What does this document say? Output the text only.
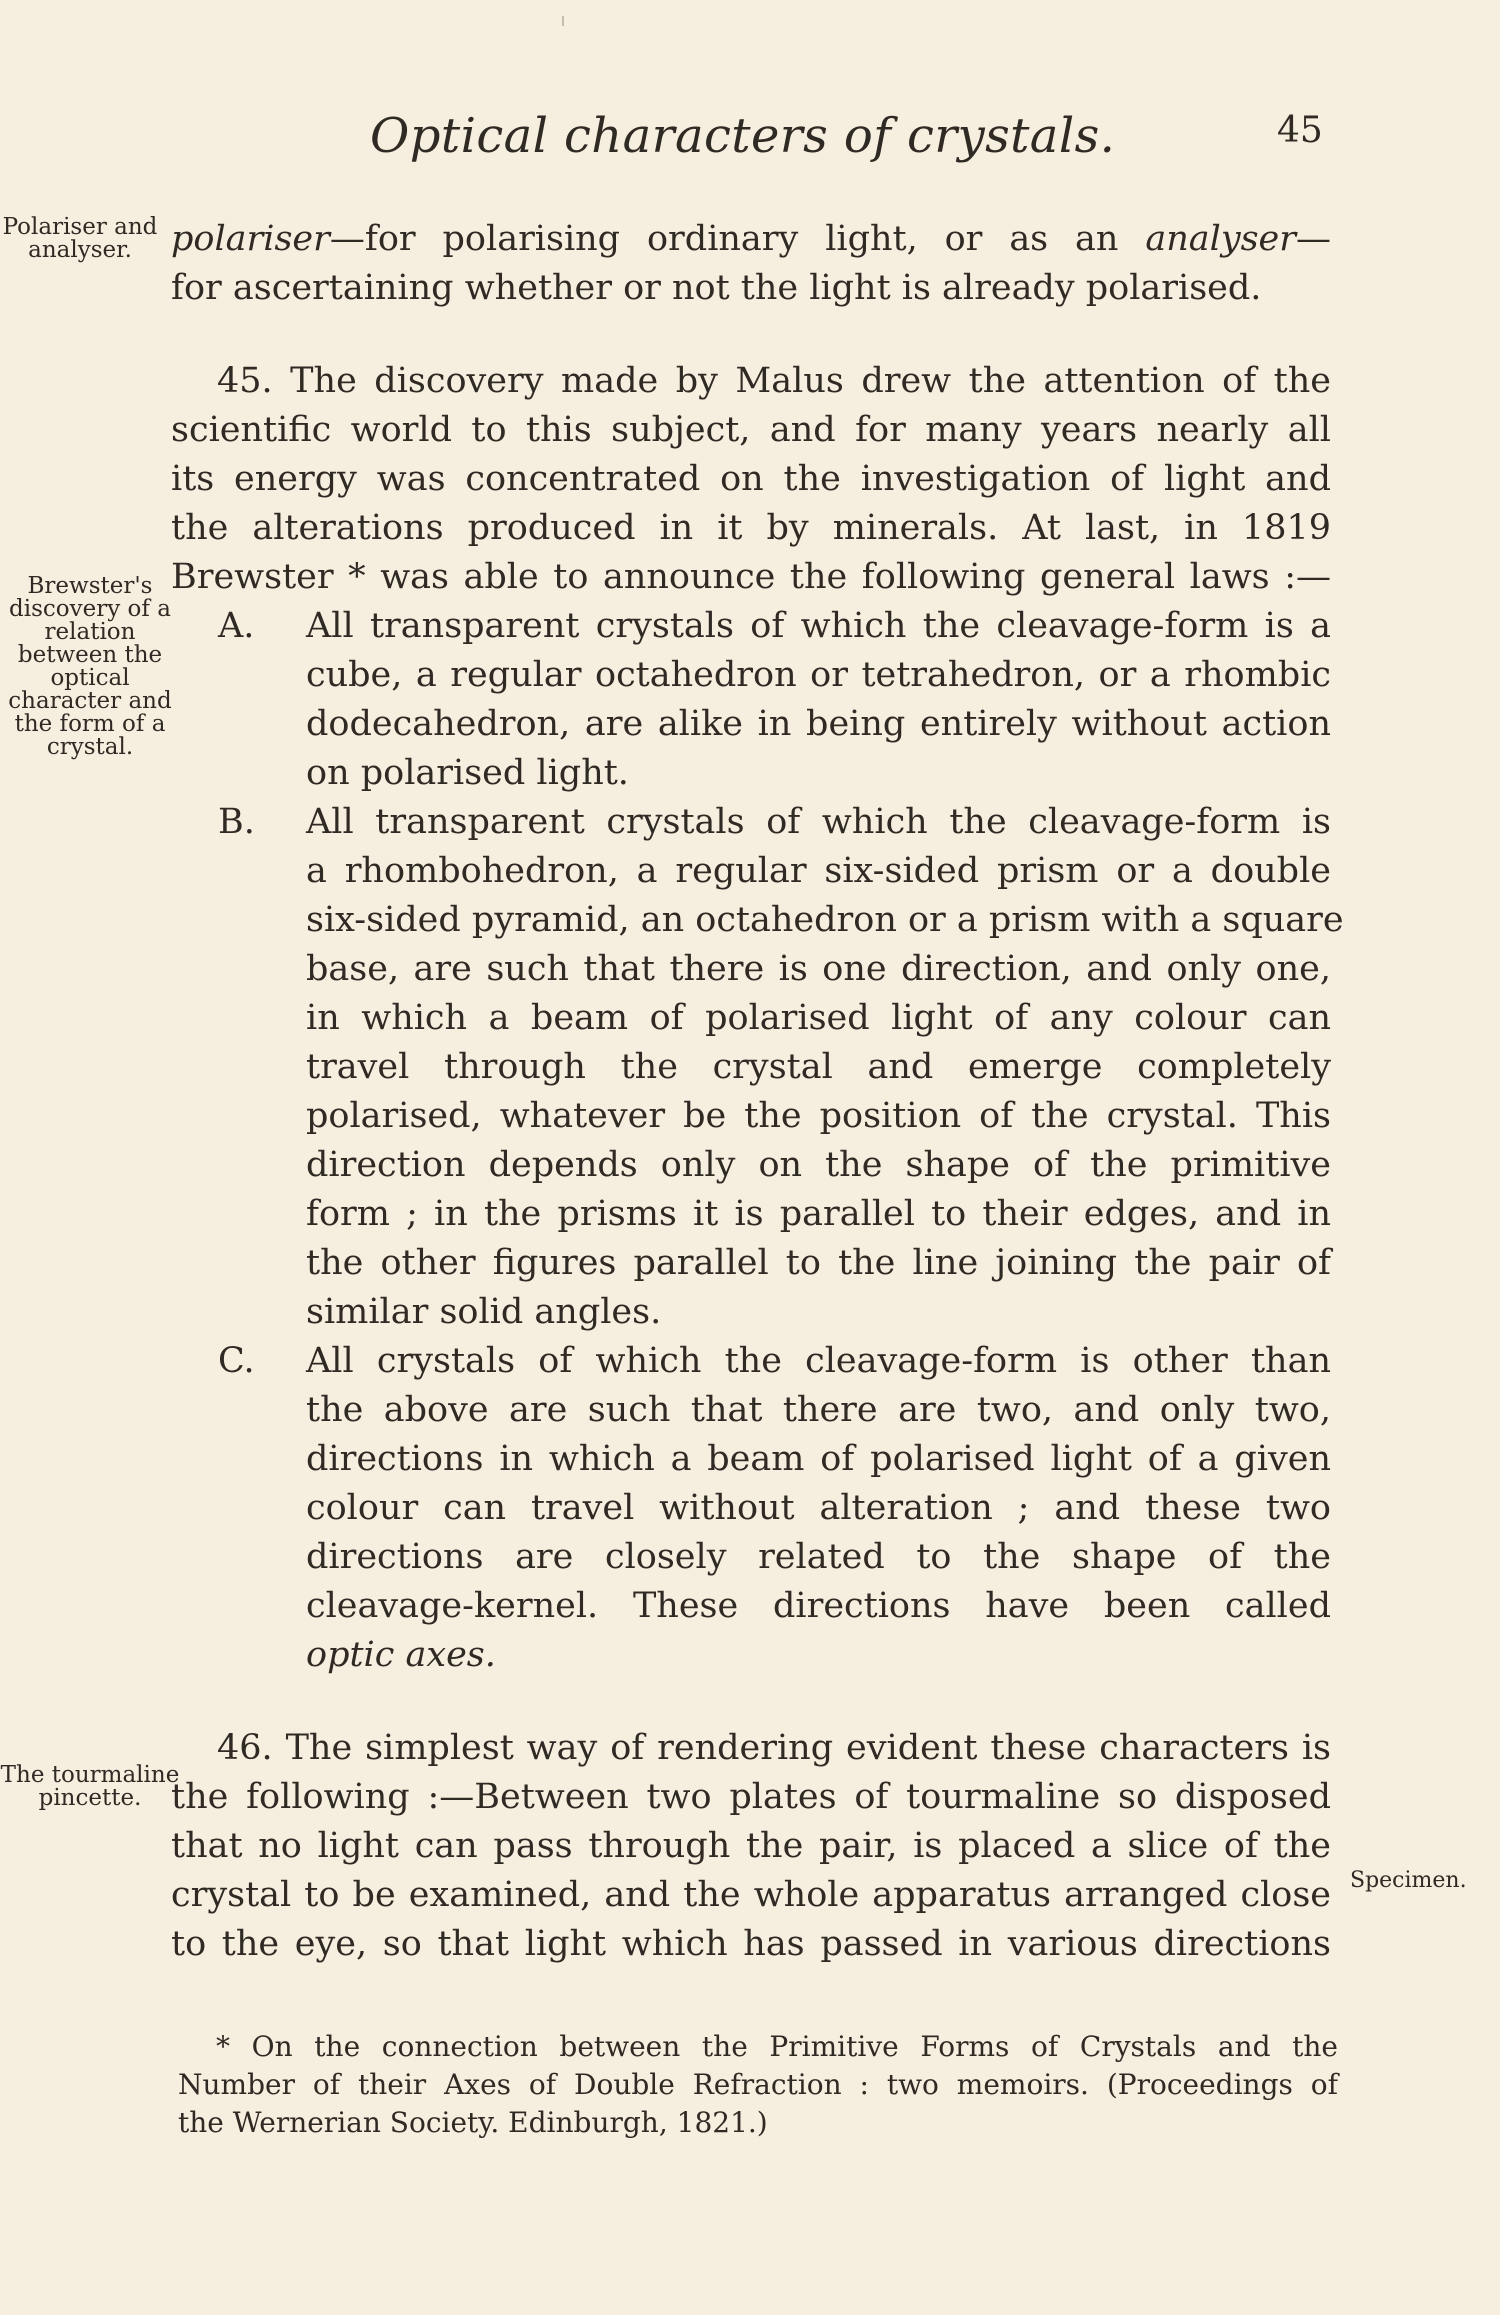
Optical characters of crystals.	45
Polariser and analyser.
Brewster's discovery of a relation between the optical character and the form of a crystal.
The tourmaline pincette.
Specimen.
polariser—for polarising ordinary light, or as an analyser—
for ascertaining whether or not the light is already polarised.
45. The discovery made by Malus drew the attention of the
scientific world to this subject, and for many years nearly all
its energy was concentrated on the investigation of light and
the alterations produced in it by minerals. At last, in 1819
Brewster * was able to announce the following general laws :—
A. All transparent crystals of which the cleavage-form is a
cube, a regular octahedron or tetrahedron, or a rhombic
dodecahedron, are alike in being entirely without action
on polarised light.
B. All transparent crystals of which the cleavage-form is
a rhombohedron, a regular six-sided prism or a double
six-sided pyramid, an octahedron or a prism with a square
base, are such that there is one direction, and only one,
in which a beam of polarised light of any colour can
travel through the crystal and emerge completely
polarised, whatever be the position of the crystal. This
direction depends only on the shape of the primitive
form ; in the prisms it is parallel to their edges, and in
the other figures parallel to the line joining the pair of
similar solid angles.
C. All crystals of which the cleavage-form is other than
the above are such that there are two, and only two,
directions in which a beam of polarised light of a given
colour can travel without alteration ; and these two
directions are closely related to the shape of the
cleavage-kernel. These directions have been called
optic axes.
46. The simplest way of rendering evident these characters is
the following :—Between two plates of tourmaline so disposed
that no light can pass through the pair, is placed a slice of the
crystal to be examined, and the whole apparatus arranged close
to the eye, so that light which has passed in various directions
* On the connection between the Primitive Forms of Crystals and the
Number of their Axes of Double Refraction : two memoirs. (Proceedings of
the Wernerian Society. Edinburgh, 1821.)
